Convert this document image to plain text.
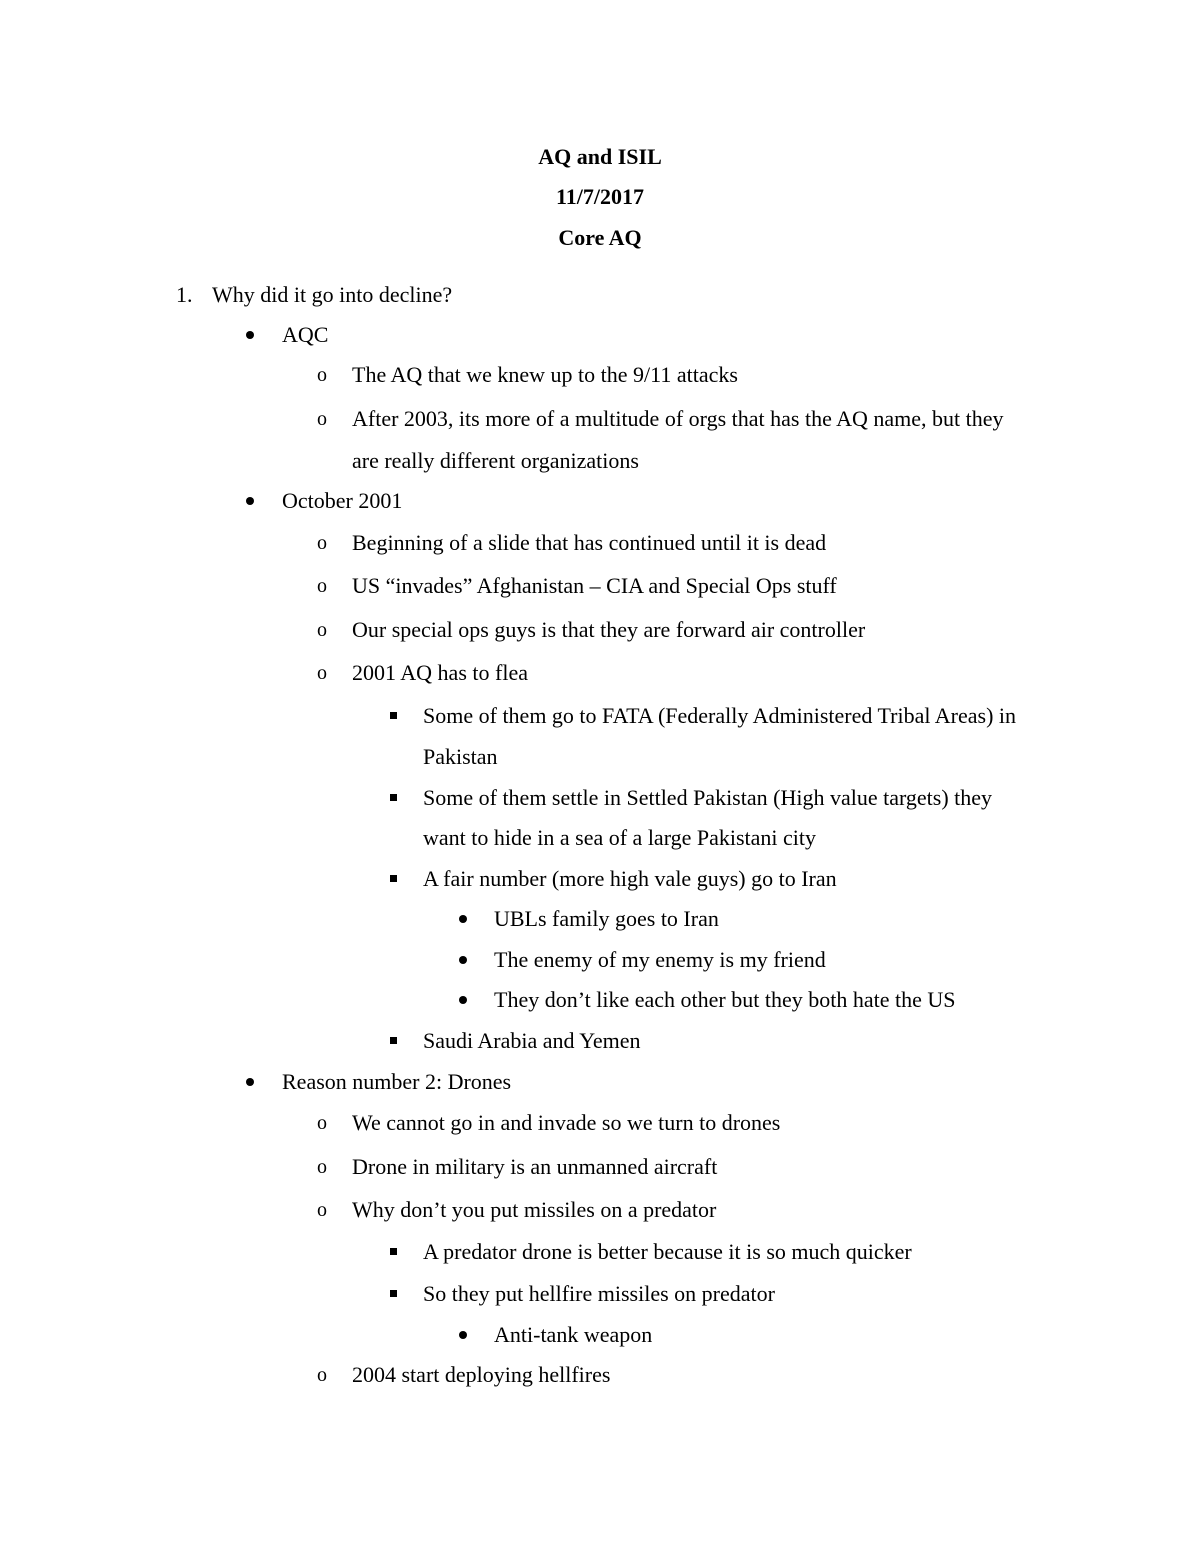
AQ and ISIL
11/7/2017
Core AQ
1. Why did it go into decline?
AQC
o The AQ that we knew up to the 9/11 attacks
o After 2003, its more of a multitude of orgs that has the AQ name, but they
are really different organizations
October 2001
o Beginning of a slide that has continued until it is dead
o US “invades” Afghanistan – CIA and Special Ops stuff
o Our special ops guys is that they are forward air controller
o 2001 AQ has to flea
Some of them go to FATA (Federally Administered Tribal Areas) in
Pakistan
Some of them settle in Settled Pakistan (High value targets) they
want to hide in a sea of a large Pakistani city
A fair number (more high vale guys) go to Iran
UBLs family goes to Iran
The enemy of my enemy is my friend
They don’t like each other but they both hate the US
Saudi Arabia and Yemen
Reason number 2: Drones
o We cannot go in and invade so we turn to drones
o Drone in military is an unmanned aircraft
o Why don’t you put missiles on a predator
A predator drone is better because it is so much quicker
So they put hellfire missiles on predator
Anti-tank weapon
o 2004 start deploying hellfires
